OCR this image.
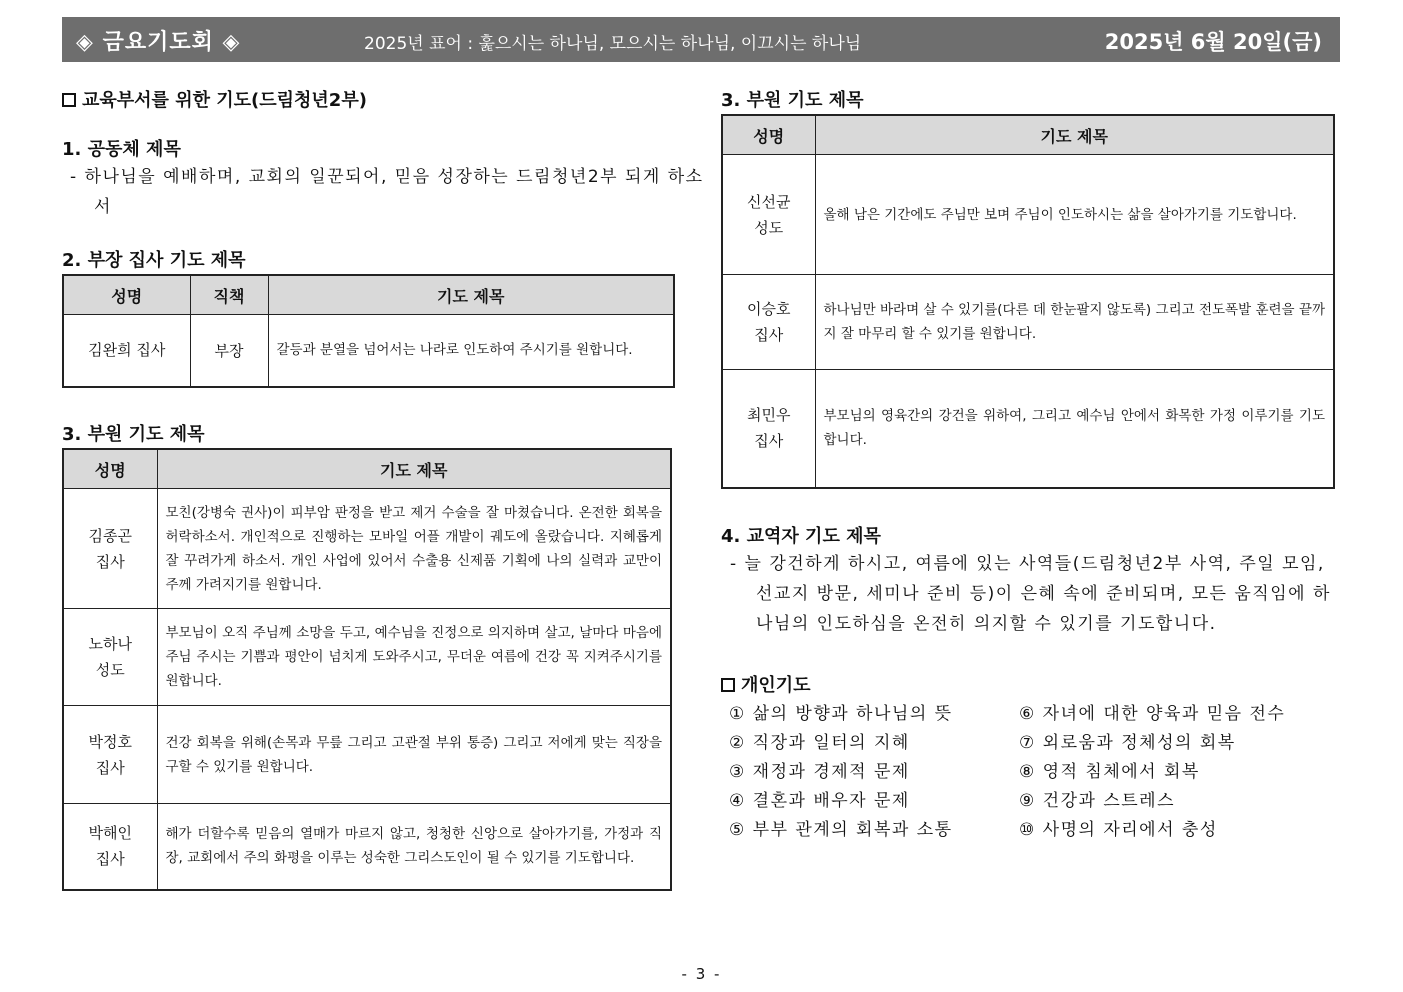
◈ 금요기도회 ◈	2025년 표어 : 훑으시는 하나님, 모으시는 하나님, 이끄시는 하나님	2025년 6월 20일(금)
교육부서를 위한 기도(드림청년2부)
1. 공동체 제목
- 하나님을 예배하며, 교회의 일꾼되어, 믿음 성장하는 드림청년2부 되게 하소서
2. 부장 집사 기도 제목
성명	직책	기도 제목
김완희 집사	부장	갈등과 분열을 넘어서는 나라로 인도하여 주시기를 원합니다.
3. 부원 기도 제목
성명	기도 제목
김종곤
집사	모친(강병숙 권사)이 피부암 판정을 받고 제거 수술을 잘 마쳤습니다. 온전한 회복을 허락하소서. 개인적으로 진행하는 모바일 어플 개발이 궤도에 올랐습니다. 지혜롭게 잘 꾸려가게 하소서. 개인 사업에 있어서 수출용 신제품 기획에 나의 실력과 교만이 주께 가려지기를 원합니다.
노하나
성도	부모님이 오직 주님께 소망을 두고, 예수님을 진정으로 의지하며 살고, 날마다 마음에 주님 주시는 기쁨과 평안이 넘치게 도와주시고, 무더운 여름에 건강 꼭 지켜주시기를 원합니다.
박정호
집사	건강 회복을 위해(손목과 무릎 그리고 고관절 부위 통증) 그리고 저에게 맞는 직장을 구할 수 있기를 원합니다.
박해인
집사	해가 더할수록 믿음의 열매가 마르지 않고, 청청한 신앙으로 살아가기를, 가정과 직장, 교회에서 주의 화평을 이루는 성숙한 그리스도인이 될 수 있기를 기도합니다.
3. 부원 기도 제목
성명	기도 제목
신선균
성도	올해 남은 기간에도 주님만 보며 주님이 인도하시는 삶을 살아가기를 기도합니다.
이승호
집사	하나님만 바라며 살 수 있기를(다른 데 한눈팔지 않도록) 그리고 전도폭발 훈련을 끝까지 잘 마무리 할 수 있기를 원합니다.
최민우
집사	부모님의 영육간의 강건을 위하여, 그리고 예수님 안에서 화목한 가정 이루기를 기도합니다.
4. 교역자 기도 제목
- 늘 강건하게 하시고, 여름에 있는 사역들(드림청년2부 사역, 주일 모임, 선교지 방문, 세미나 준비 등)이 은혜 속에 준비되며, 모든 움직임에 하나님의 인도하심을 온전히 의지할 수 있기를 기도합니다.
개인기도
① 삶의 방향과 하나님의 뜻
② 직장과 일터의 지혜
③ 재정과 경제적 문제
④ 결혼과 배우자 문제
⑤ 부부 관계의 회복과 소통
⑥ 자녀에 대한 양육과 믿음 전수
⑦ 외로움과 정체성의 회복
⑧ 영적 침체에서 회복
⑨ 건강과 스트레스
⑩ 사명의 자리에서 충성
- 3 -
